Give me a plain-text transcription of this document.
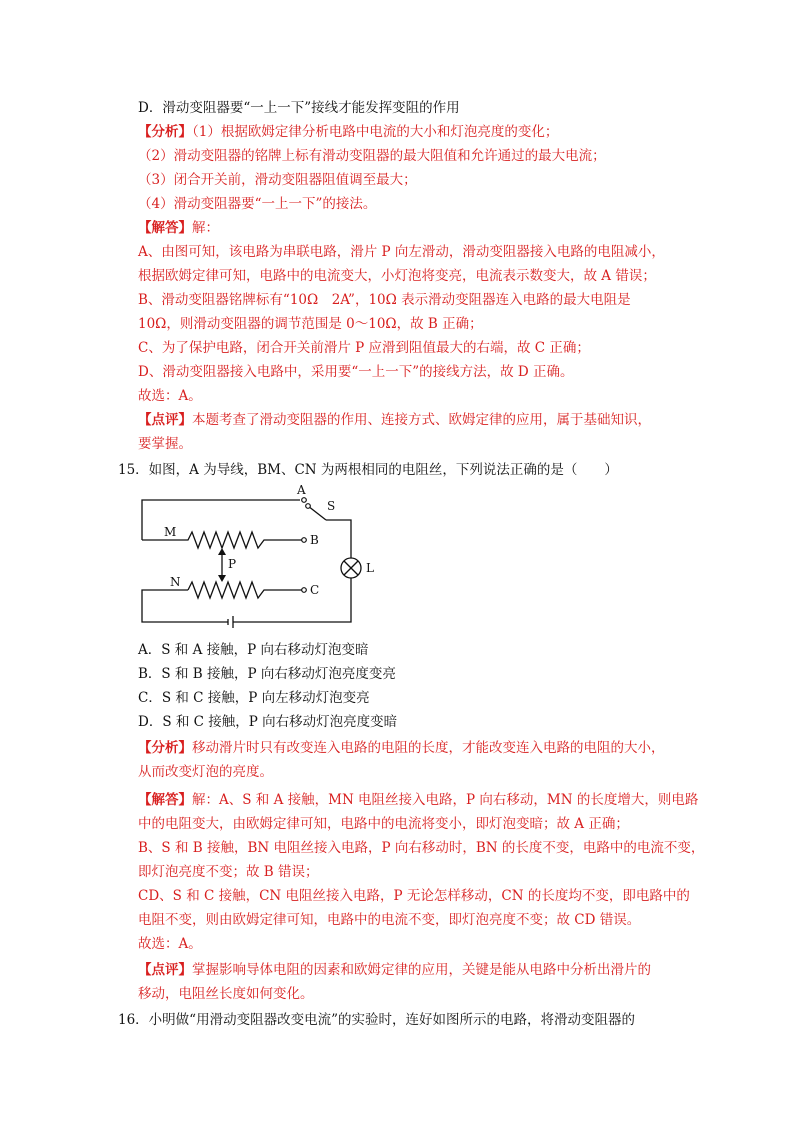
D．滑动变阻器要“一上一下”接线才能发挥变阻的作用
【分析】（1）根据欧姆定律分析电路中电流的大小和灯泡亮度的变化；
（2）滑动变阻器的铭牌上标有滑动变阻器的最大阻值和允许通过的最大电流；
（3）闭合开关前，滑动变阻器阻值调至最大；
（4）滑动变阻器要“一上一下”的接法。
【解答】解：
A、由图可知，该电路为串联电路，滑片 P 向左滑动，滑动变阻器接入电路的电阻减小，
根据欧姆定律可知，电路中的电流变大，小灯泡将变亮，电流表示数变大，故 A 错误；
B、滑动变阻器铭牌标有“10Ω　2A”，10Ω 表示滑动变阻器连入电路的最大电阻是
10Ω，则滑动变阻器的调节范围是 0～10Ω，故 B 正确；
C、为了保护电路，闭合开关前滑片 P 应滑到阻值最大的右端，故 C 正确；
D、滑动变阻器接入电路中，采用要“一上一下”的接线方法，故 D 正确。
故选：A。
【点评】本题考查了滑动变阻器的作用、连接方式、欧姆定律的应用，属于基础知识，
要掌握。
15．如图，A 为导线，BM、CN 为两根相同的电阻丝，下列说法正确的是（　　）
A
S
M
B
P	L
N
C
A．S 和 A 接触，P 向右移动灯泡变暗
B．S 和 B 接触，P 向右移动灯泡亮度变亮
C．S 和 C 接触，P 向左移动灯泡变亮
D．S 和 C 接触，P 向右移动灯泡亮度变暗
【分析】移动滑片时只有改变连入电路的电阻的长度，才能改变连入电路的电阻的大小，
从而改变灯泡的亮度。
【解答】解：A、S 和 A 接触，MN 电阻丝接入电路，P 向右移动，MN 的长度增大，则电路
中的电阻变大，由欧姆定律可知，电路中的电流将变小，即灯泡变暗；故 A 正确；
B、S 和 B 接触，BN 电阻丝接入电路，P 向右移动时，BN 的长度不变，电路中的电流不变，
即灯泡亮度不变；故 B 错误；
CD、S 和 C 接触，CN 电阻丝接入电路，P 无论怎样移动，CN 的长度均不变，即电路中的
电阻不变，则由欧姆定律可知，电路中的电流不变，即灯泡亮度不变；故 CD 错误。
故选：A。
【点评】掌握影响导体电阻的因素和欧姆定律的应用，关键是能从电路中分析出滑片的
移动，电阻丝长度如何变化。
16．小明做“用滑动变阻器改变电流”的实验时，连好如图所示的电路，将滑动变阻器的
